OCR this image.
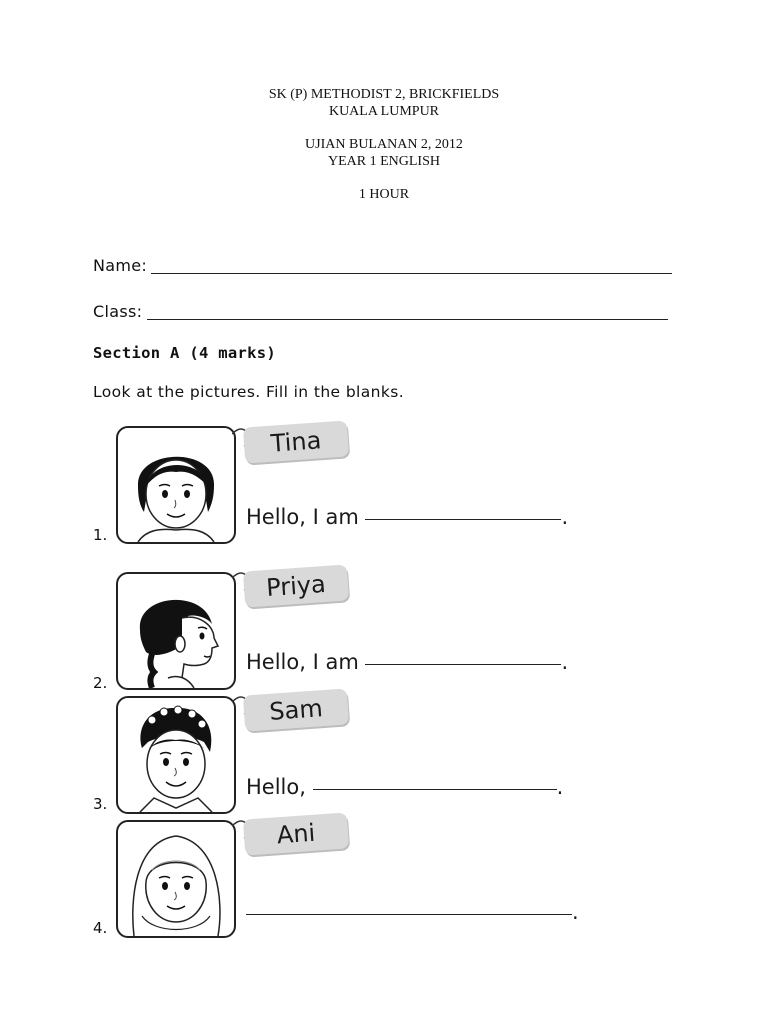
SK (P) METHODIST 2, BRICKFIELDS
KUALA LUMPUR
UJIAN BULANAN 2, 2012
YEAR 1 ENGLISH
1 HOUR
Name:
Class:
Section A (4 marks)
Look at the pictures. Fill in the blanks.
1.
Tina
Hello, I am	.
2.
Priya
Hello, I am	.
3.
Sam
Hello,	.
4.
Ani
.
